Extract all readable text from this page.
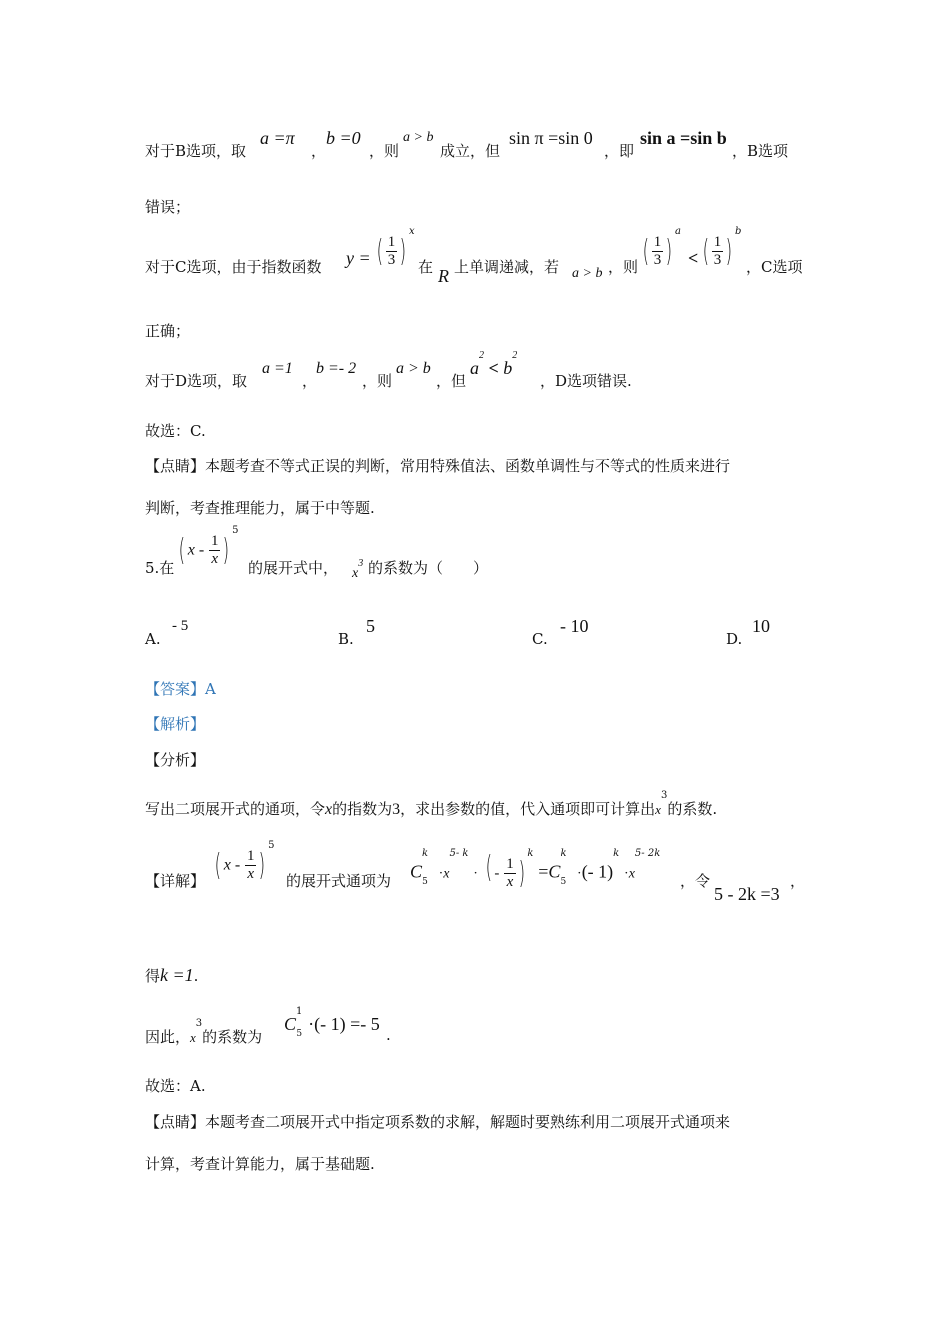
对于B选项，取
a =π
，
b =0
，则
a > b
成立，但
sin π =sin 0
，即
sin a =sin b
，B选项
错误；
对于C选项，由于指数函数 y = ( $\frac{1}{3} )^x$
在 R 上单调递减，若 a > b ，则 ( $\frac{1}{3} )^a$
< ( $\frac{1}{3} )^b$
，C选项
正确；
对于D选项，取
a =1
，
b =- 2
，则
a > b
，但
$a^2 < b^2$
，D选项错误.
故选：C.
【点睛】本题考查不等式正误的判断，常用特殊值法、函数单调性与不等式的性质来进行
判断，考查推理能力，属于中等题.
5.在
( x - $\frac{1}{x} )^5$
的展开式中， $x^3$ 的系数为（　　）
A.
- 5
B.
5
C.
- 10
D.
10
【答案】A
【解析】
【分析】
写出二项展开式的通项，令x的指数为3，求出参数的值，代入通项即可计算出$x^3$的系数.
【详解】 ( x - $\frac{1}{x} )^5$
的展开式通项为 $C^k_5 \cdot x^{5- k}$ · ( - $\frac{1}{x} )^k =C^k_5$ ·(- $1)^k \cdot x^{5- 2k}$
，令
5 - 2k =3
，
得k =1.
因此，$x^3$的系数为
$C^1_5$ ·(- 1) =- 5
.
故选：A.
【点睛】本题考查二项展开式中指定项系数的求解，解题时要熟练利用二项展开式通项来
计算，考查计算能力，属于基础题.
